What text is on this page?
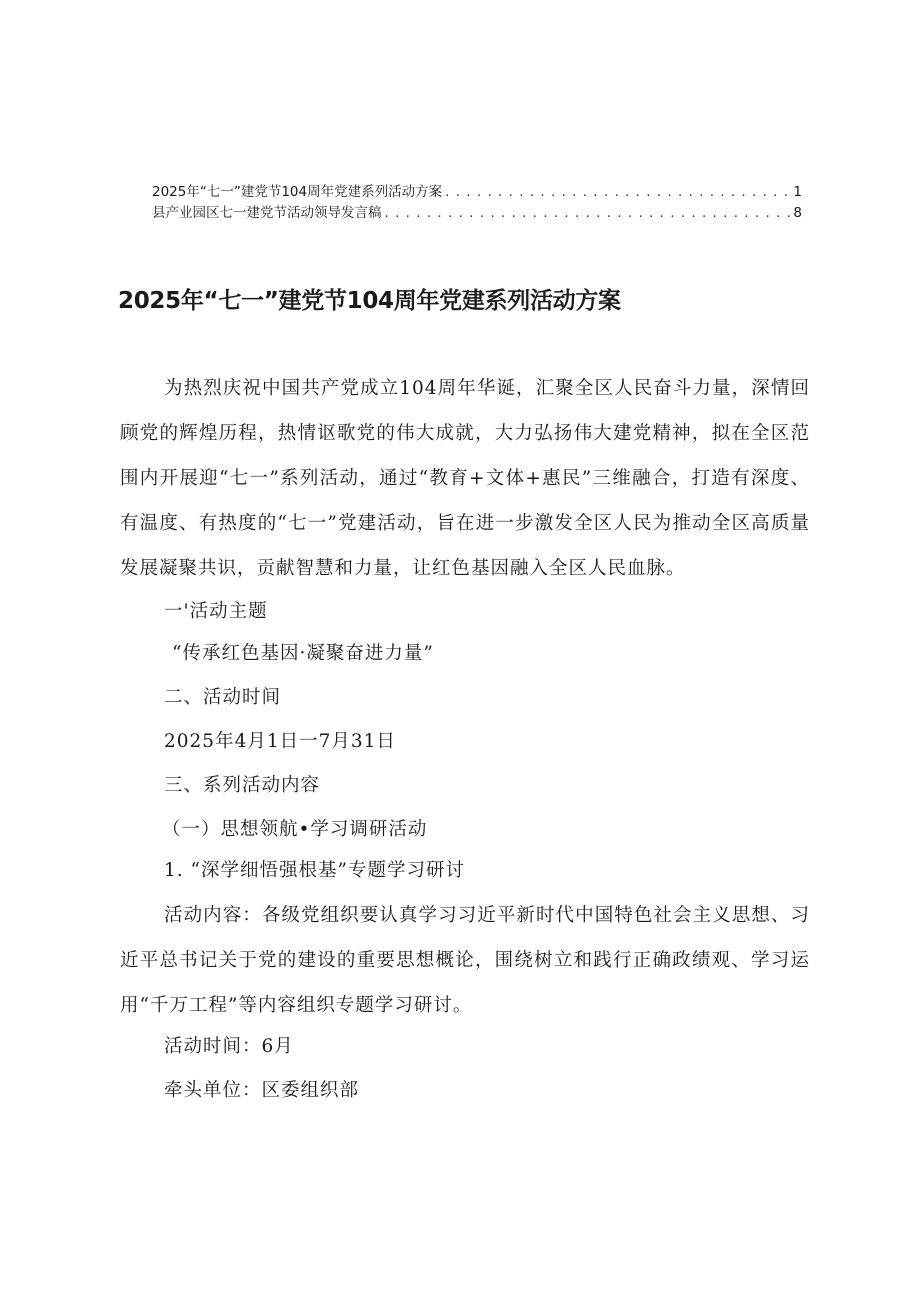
2025年“七一”建党节104周年党建系列活动方案 . . .	1
县产业园区七一建党节活动领导发言稿 . . .	8
2025年“七一”建党节104周年党建系列活动方案

为热烈庆祝中国共产党成立104周年华诞，汇聚全区人民奋斗力量，深情回顾党的辉煌历程，热情讴歌党的伟大成就，大力弘扬伟大建党精神，拟在全区范围内开展迎“七一”系列活动，通过“教育+文体+惠民”三维融合，打造有深度、有温度、有热度的“七一”党建活动，旨在进一步激发全区人民为推动全区高质量发展凝聚共识，贡献智慧和力量，让红色基因融入全区人民血脉。

一'活动主题

“传承红色基因·凝聚奋进力量”

二、活动时间

2025年4月1日一7月31日

三、系列活动内容

（一）思想领航•学习调研活动

1. “深学细悟强根基”专题学习研讨

活动内容：各级党组织要认真学习习近平新时代中国特色社会主义思想、习近平总书记关于党的建设的重要思想概论，围绕树立和践行正确政绩观、学习运用“千万工程”等内容组织专题学习研讨。

活动时间：6月

牵头单位：区委组织部
